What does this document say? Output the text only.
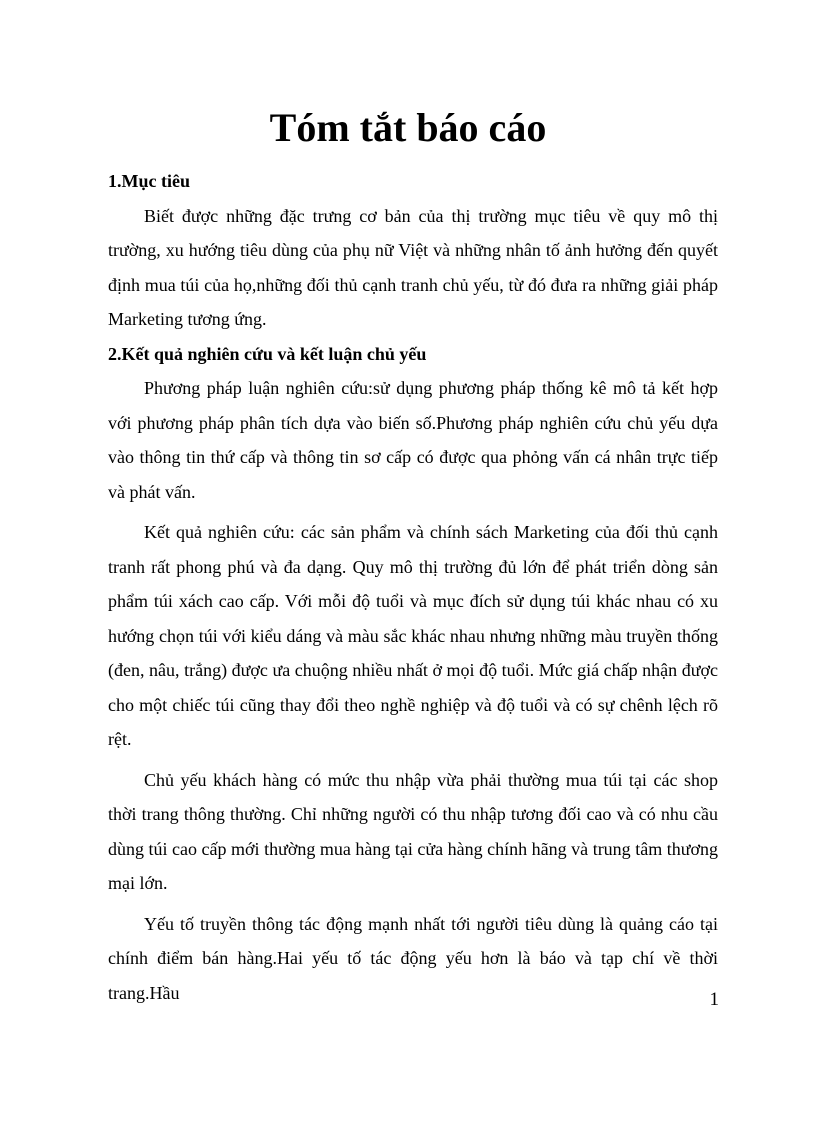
Tóm tắt báo cáo

1.Mục tiêu

Biết được những đặc trưng cơ bản của thị trường mục tiêu về quy mô thị trường, xu hướng tiêu dùng của phụ nữ Việt và những nhân tố ảnh hưởng đến quyết định mua túi của họ,những đối thủ cạnh tranh chủ yếu, từ đó đưa ra những giải pháp Marketing tương ứng.

2.Kết quả nghiên cứu và kết luận chủ yếu

Phương pháp luận nghiên cứu:sử dụng phương pháp thống kê mô tả kết hợp với phương pháp phân tích dựa vào biến số.Phương pháp nghiên cứu chủ yếu dựa vào thông tin thứ cấp và thông tin sơ cấp có được qua phỏng vấn cá nhân trực tiếp và phát vấn.

Kết quả nghiên cứu: các sản phẩm và chính sách Marketing của đối thủ cạnh tranh rất phong phú và đa dạng. Quy mô thị trường đủ lớn để phát triển dòng sản phẩm túi xách cao cấp. Với mỗi độ tuổi và mục đích sử dụng túi khác nhau có xu hướng chọn túi với kiểu dáng và màu sắc khác nhau nhưng những màu truyền thống (đen, nâu, trắng) được ưa chuộng nhiều nhất ở mọi độ tuổi. Mức giá chấp nhận được cho một chiếc túi cũng thay đổi theo nghề nghiệp và độ tuổi và có sự chênh lệch rõ rệt.

Chủ yếu khách hàng có mức thu nhập vừa phải thường mua túi tại các shop thời trang thông thường. Chỉ những người có thu nhập tương đối cao và có nhu cầu dùng túi cao cấp mới thường mua hàng tại cửa hàng chính hãng và trung tâm thương mại lớn.

Yếu tố truyền thông tác động mạnh nhất tới người tiêu dùng là quảng cáo tại chính điểm bán hàng.Hai yếu tố tác động yếu hơn là báo và tạp chí về thời trang.Hầu	1
